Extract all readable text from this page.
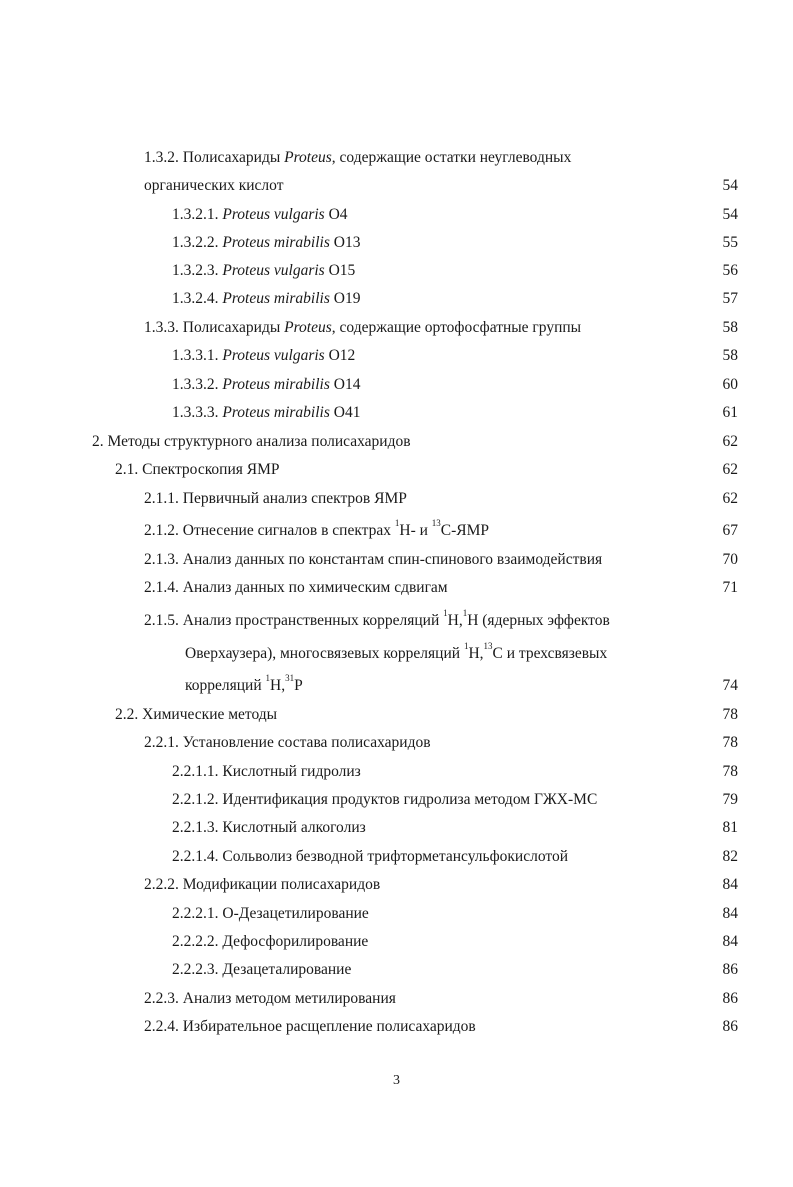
1.3.2. Полисахариды Proteus, содержащие остатки неуглеводных
органических кислот	54
1.3.2.1. Proteus vulgaris O4	54
1.3.2.2. Proteus mirabilis O13	55
1.3.2.3. Proteus vulgaris O15	56
1.3.2.4. Proteus mirabilis O19	57
1.3.3. Полисахариды Proteus, содержащие ортофосфатные группы	58
1.3.3.1. Proteus vulgaris O12	58
1.3.3.2. Proteus mirabilis O14	60
1.3.3.3. Proteus mirabilis O41	61
2. Методы структурного анализа полисахаридов	62
2.1. Спектроскопия ЯМР	62
2.1.1. Первичный анализ спектров ЯМР	62
2.1.2. Отнесение сигналов в спектрах $^1$H- и $^{13}$C-ЯМР	67
2.1.3. Анализ данных по константам спин-спинового взаимодействия	70
2.1.4. Анализ данных по химическим сдвигам	71
2.1.5. Анализ пространственных корреляций $^1$H,$^1$H (ядерных эффектов
Оверхаузера), многосвязевых корреляций $^1$H,$^{13}$C и трехсвязевых
корреляций $^1$H,$^{31}$P	74
2.2. Химические методы	78
2.2.1. Установление состава полисахаридов	78
2.2.1.1. Кислотный гидролиз	78
2.2.1.2. Идентификация продуктов гидролиза методом ГЖХ-МС	79
2.2.1.3. Кислотный алкоголиз	81
2.2.1.4. Сольволиз безводной трифторметансульфокислотой	82
2.2.2. Модификации полисахаридов	84
2.2.2.1. O-Дезацетилирование	84
2.2.2.2. Дефосфорилирование	84
2.2.2.3. Дезацеталирование	86
2.2.3. Анализ методом метилирования	86
2.2.4. Избирательное расщепление полисахаридов	86
3
